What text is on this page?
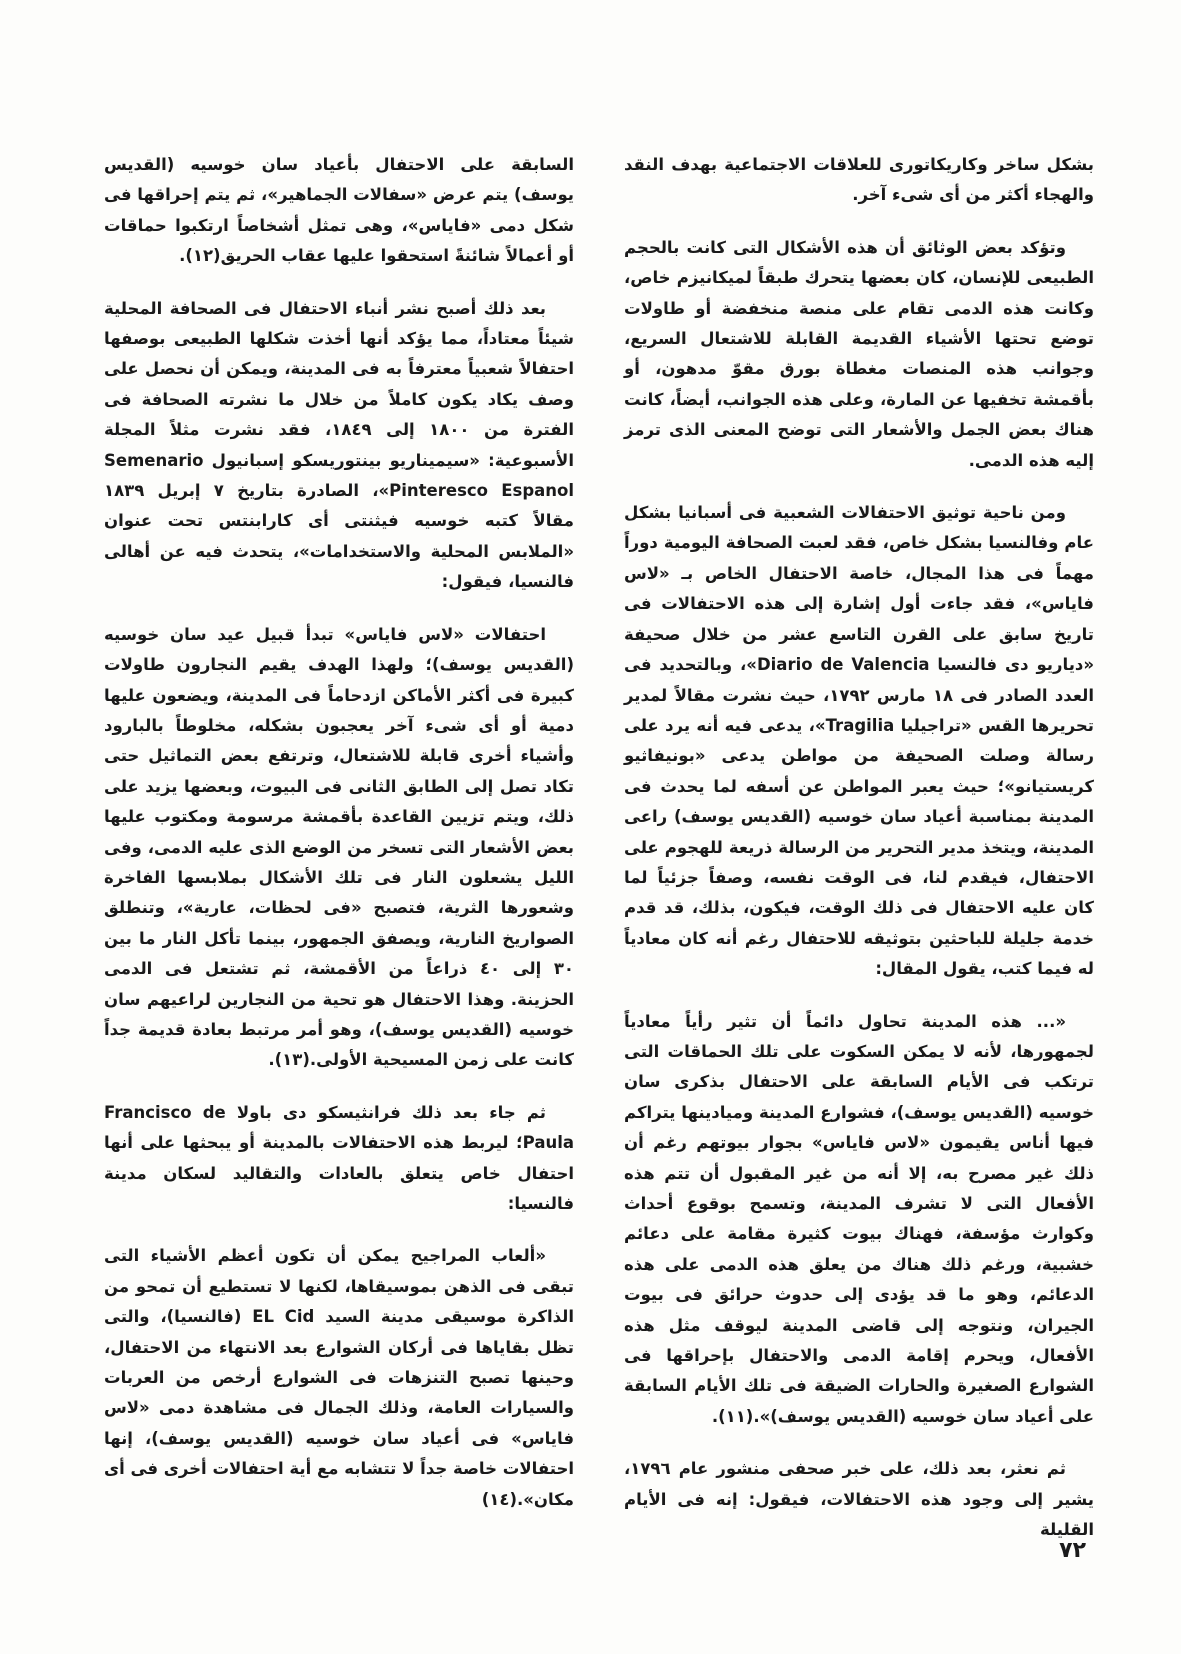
بشكل ساخر وكاريكاتورى للعلاقات الاجتماعية بهدف النقد والهجاء أكثر من أى شىء آخر.

وتؤكد بعض الوثائق أن هذه الأشكال التى كانت بالحجم الطبيعى للإنسان، كان بعضها يتحرك طبقاً لميكانيزم خاص، وكانت هذه الدمى تقام على منصة منخفضة أو طاولات توضع تحتها الأشياء القديمة القابلة للاشتعال السريع، وجوانب هذه المنصات مغطاة بورق مقوّ مدهون، أو بأقمشة تخفيها عن المارة، وعلى هذه الجوانب، أيضاً، كانت هناك بعض الجمل والأشعار التى توضح المعنى الذى ترمز إليه هذه الدمى.

ومن ناحية توثيق الاحتفالات الشعبية فى أسبانيا بشكل عام وفالنسيا بشكل خاص، فقد لعبت الصحافة اليومية دوراً مهماً فى هذا المجال، خاصة الاحتفال الخاص بـ «لاس فاياس»، فقد جاءت أول إشارة إلى هذه الاحتفالات فى تاريخ سابق على القرن التاسع عشر من خلال صحيفة «دياريو دى فالنسيا Diario de Valencia»، وبالتحديد فى العدد الصادر فى ١٨ مارس ١٧٩٢، حيث نشرت مقالاً لمدير تحريرها القس «تراجيليا Tragilia»، يدعى فيه أنه يرد على رسالة وصلت الصحيفة من مواطن يدعى «بونيفاثيو كريستيانو»؛ حيث يعبر المواطن عن أسفه لما يحدث فى المدينة بمناسبة أعياد سان خوسيه (القديس يوسف) راعى المدينة، ويتخذ مدير التحرير من الرسالة ذريعة للهجوم على الاحتفال، فيقدم لنا، فى الوقت نفسه، وصفاً جزئياً لما كان عليه الاحتفال فى ذلك الوقت، فيكون، بذلك، قد قدم خدمة جليلة للباحثين بتوثيقه للاحتفال رغم أنه كان معادياً له فيما كتب، يقول المقال:

«... هذه المدينة تحاول دائماً أن تثير رأياً معادياً لجمهورها، لأنه لا يمكن السكوت على تلك الحماقات التى ترتكب فى الأيام السابقة على الاحتفال بذكرى سان خوسيه (القديس يوسف)، فشوارع المدينة وميادينها يتراكم فيها أناس يقيمون «لاس فاياس» بجوار بيوتهم رغم أن ذلك غير مصرح به، إلا أنه من غير المقبول أن تتم هذه الأفعال التى لا تشرف المدينة، وتسمح بوقوع أحداث وكوارث مؤسفة، فهناك بيوت كثيرة مقامة على دعائم خشبية، ورغم ذلك هناك من يعلق هذه الدمى على هذه الدعائم، وهو ما قد يؤدى إلى حدوث حرائق فى بيوت الجيران، ونتوجه إلى قاضى المدينة ليوقف مثل هذه الأفعال، ويحرم إقامة الدمى والاحتفال بإحراقها فى الشوارع الصغيرة والحارات الضيقة فى تلك الأيام السابقة على أعياد سان خوسيه (القديس يوسف)».(١١).

ثم نعثر، بعد ذلك، على خبر صحفى منشور عام ١٧٩٦، يشير إلى وجود هذه الاحتفالات، فيقول: إنه فى الأيام القليلة

السابقة على الاحتفال بأعياد سان خوسيه (القديس يوسف) يتم عرض «سفالات الجماهير»، ثم يتم إحراقها فى شكل دمى «فاياس»، وهى تمثل أشخاصاً ارتكبوا حماقات أو أعمالاً شائنةً استحقوا عليها عقاب الحريق(١٢).

بعد ذلك أصبح نشر أنباء الاحتفال فى الصحافة المحلية شيئاً معتاداً، مما يؤكد أنها أخذت شكلها الطبيعى بوصفها احتفالاً شعبياً معترفاً به فى المدينة، ويمكن أن نحصل على وصف يكاد يكون كاملاً من خلال ما نشرته الصحافة فى الفترة من ١٨٠٠ إلى ١٨٤٩، فقد نشرت مثلاً المجلة الأسبوعية: «سيميناريو بينتوريسكو إسبانيول Semenario Pinteresco Espanol»، الصادرة بتاريخ ٧ إبريل ١٨٣٩ مقالاً كتبه خوسيه فيثنتى أى كارابنتس تحت عنوان «الملابس المحلية والاستخدامات»، يتحدث فيه عن أهالى فالنسيا، فيقول:

احتفالات «لاس فاياس» تبدأ قبيل عيد سان خوسيه (القديس يوسف)؛ ولهذا الهدف يقيم النجارون طاولات كبيرة فى أكثر الأماكن ازدحاماً فى المدينة، ويضعون عليها دمية أو أى شىء آخر يعجبون بشكله، مخلوطاً بالبارود وأشياء أخرى قابلة للاشتعال، وترتفع بعض التماثيل حتى تكاد تصل إلى الطابق الثانى فى البيوت، وبعضها يزيد على ذلك، ويتم تزيين القاعدة بأقمشة مرسومة ومكتوب عليها بعض الأشعار التى تسخر من الوضع الذى عليه الدمى، وفى الليل يشعلون النار فى تلك الأشكال بملابسها الفاخرة وشعورها الثرية، فتصبح «فى لحظات، عارية»، وتنطلق الصواريخ النارية، ويصفق الجمهور، بينما تأكل النار ما بين ٣٠ إلى ٤٠ ذراعاً من الأقمشة، ثم تشتعل فى الدمى الحزينة. وهذا الاحتفال هو تحية من النجارين لراعيهم سان خوسيه (القديس يوسف)، وهو أمر مرتبط بعادة قديمة جداً كانت على زمن المسيحية الأولى.(١٣).

ثم جاء بعد ذلك فرانثيسكو دى باولا Francisco de Paula؛ ليربط هذه الاحتفالات بالمدينة أو يبحثها على أنها احتفال خاص يتعلق بالعادات والتقاليد لسكان مدينة فالنسيا:

«ألعاب المراجيح يمكن أن تكون أعظم الأشياء التى تبقى فى الذهن بموسيقاها، لكنها لا تستطيع أن تمحو من الذاكرة موسيقى مدينة السيد EL Cid (فالنسيا)، والتى تظل بقاياها فى أركان الشوارع بعد الانتهاء من الاحتفال، وحينها تصبح التنزهات فى الشوارع أرخص من العربات والسيارات العامة، وذلك الجمال فى مشاهدة دمى «لاس فاياس» فى أعياد سان خوسيه (القديس يوسف)، إنها احتفالات خاصة جداً لا تتشابه مع أية احتفالات أخرى فى أى مكان».(١٤)

٧٢
